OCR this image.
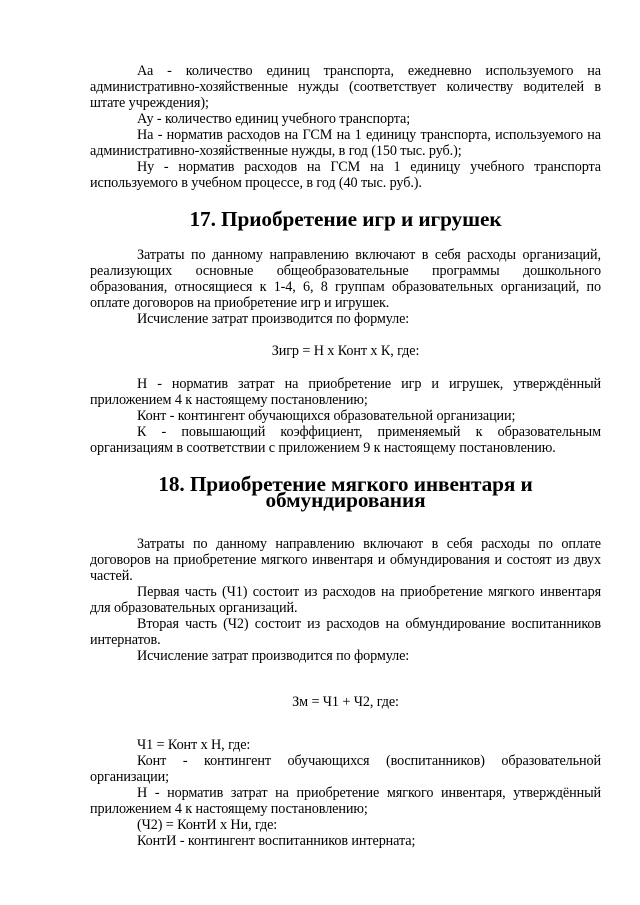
Аа - количество единиц транспорта, ежедневно используемого на административно-хозяйственные нужды (соответствует количеству водителей в штате учреждения);

Ау - количество единиц учебного транспорта;

На - норматив расходов на ГСМ на 1 единицу транспорта, используемого на административно-хозяйственные нужды, в год (150 тыс. руб.);

Ну - норматив расходов на ГСМ на 1 единицу учебного транспорта используемого в учебном процессе, в год (40 тыс. руб.).

17. Приобретение игр и игрушек

Затраты по данному направлению включают в себя расходы организаций, реализующих основные общеобразовательные программы дошкольного образования, относящиеся к 1-4, 6, 8 группам образовательных организаций, по оплате договоров на приобретение игр и игрушек.

Исчисление затрат производится по формуле:

Зигр = Н х Конт х К, где:

Н - норматив затрат на приобретение игр и игрушек, утверждённый приложением 4 к настоящему постановлению;

Конт - контингент обучающихся образовательной организации;

К - повышающий коэффициент, применяемый к образовательным организациям в соответствии с приложением 9 к настоящему постановлению.

18. Приобретение мягкого инвентаря и обмундирования

Затраты по данному направлению включают в себя расходы по оплате договоров на приобретение мягкого инвентаря и обмундирования и состоят из двух частей.

Первая часть (Ч1) состоит из расходов на приобретение мягкого инвентаря для образовательных организаций.

Вторая часть (Ч2) состоит из расходов на обмундирование воспитанников интернатов.

Исчисление затрат производится по формуле:

Зм = Ч1 + Ч2, где:

Ч1 = Конт х Н, где:

Конт - контингент обучающихся (воспитанников) образовательной организации;

Н - норматив затрат на приобретение мягкого инвентаря, утверждённый приложением 4 к настоящему постановлению;

(Ч2) = КонтИ х Ни, где:

КонтИ - контингент воспитанников интерната;
